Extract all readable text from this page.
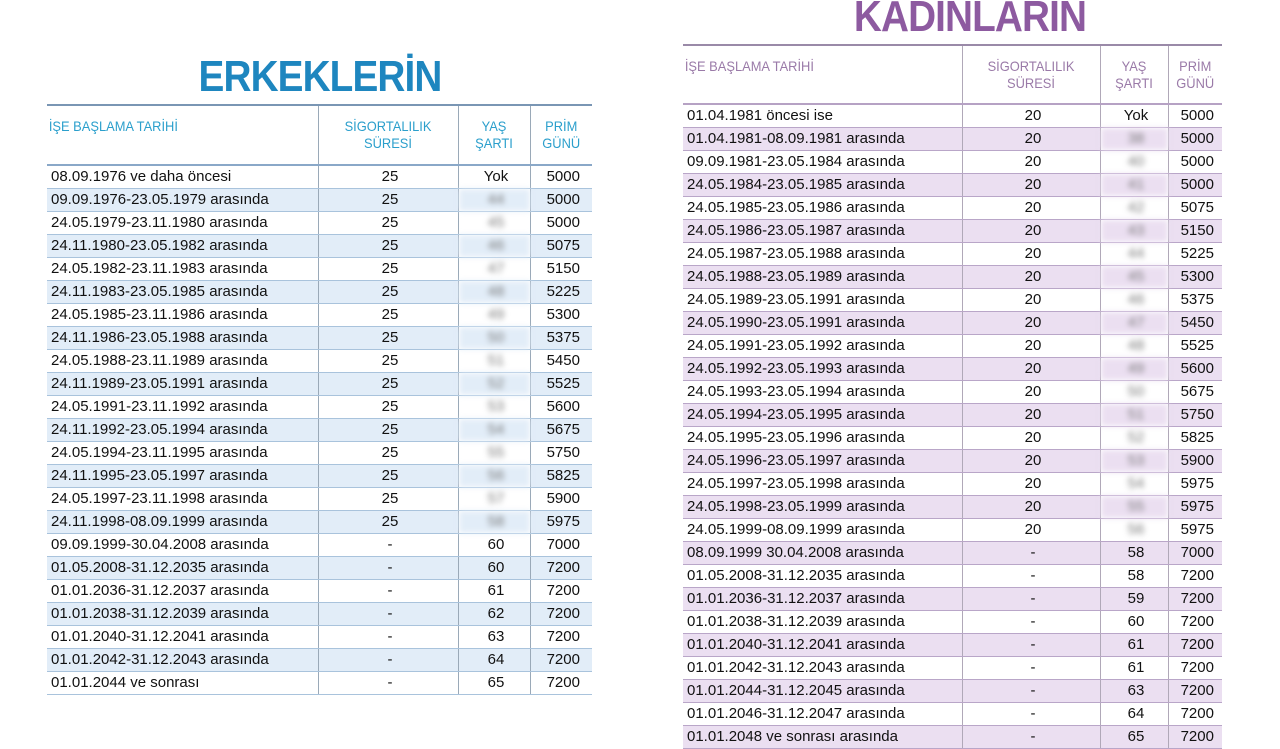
ERKEKLERİN
İŞE BAŞLAMA TARİHİ	SİGORTALILIK SÜRESİ	YAŞ ŞARTI	PRİM GÜNÜ
08.09.1976 ve daha öncesi	25	Yok	5000
09.09.1976-23.05.1979 arasında	25	44	5000
24.05.1979-23.11.1980 arasında	25	45	5000
24.11.1980-23.05.1982 arasında	25	46	5075
24.05.1982-23.11.1983 arasında	25	47	5150
24.11.1983-23.05.1985 arasında	25	48	5225
24.05.1985-23.11.1986 arasında	25	49	5300
24.11.1986-23.05.1988 arasında	25	50	5375
24.05.1988-23.11.1989 arasında	25	51	5450
24.11.1989-23.05.1991 arasında	25	52	5525
24.05.1991-23.11.1992 arasında	25	53	5600
24.11.1992-23.05.1994 arasında	25	54	5675
24.05.1994-23.11.1995 arasında	25	55	5750
24.11.1995-23.05.1997 arasında	25	56	5825
24.05.1997-23.11.1998 arasında	25	57	5900
24.11.1998-08.09.1999 arasında	25	58	5975
09.09.1999-30.04.2008 arasında	-	60	7000
01.05.2008-31.12.2035 arasında	-	60	7200
01.01.2036-31.12.2037 arasında	-	61	7200
01.01.2038-31.12.2039 arasında	-	62	7200
01.01.2040-31.12.2041 arasında	-	63	7200
01.01.2042-31.12.2043 arasında	-	64	7200
01.01.2044 ve sonrası	-	65	7200
KADINLARIN
İŞE BAŞLAMA TARİHİ	SİGORTALILIK SÜRESİ	YAŞ ŞARTI	PRİM GÜNÜ
01.04.1981 öncesi ise	20	Yok	5000
01.04.1981-08.09.1981 arasında	20	38	5000
09.09.1981-23.05.1984 arasında	20	40	5000
24.05.1984-23.05.1985 arasında	20	41	5000
24.05.1985-23.05.1986 arasında	20	42	5075
24.05.1986-23.05.1987 arasında	20	43	5150
24.05.1987-23.05.1988 arasında	20	44	5225
24.05.1988-23.05.1989 arasında	20	45	5300
24.05.1989-23.05.1991 arasında	20	46	5375
24.05.1990-23.05.1991 arasında	20	47	5450
24.05.1991-23.05.1992 arasında	20	48	5525
24.05.1992-23.05.1993 arasında	20	49	5600
24.05.1993-23.05.1994 arasında	20	50	5675
24.05.1994-23.05.1995 arasında	20	51	5750
24.05.1995-23.05.1996 arasında	20	52	5825
24.05.1996-23.05.1997 arasında	20	53	5900
24.05.1997-23.05.1998 arasında	20	54	5975
24.05.1998-23.05.1999 arasında	20	55	5975
24.05.1999-08.09.1999 arasında	20	56	5975
08.09.1999 30.04.2008 arasında	-	58	7000
01.05.2008-31.12.2035 arasında	-	58	7200
01.01.2036-31.12.2037 arasında	-	59	7200
01.01.2038-31.12.2039 arasında	-	60	7200
01.01.2040-31.12.2041 arasında	-	61	7200
01.01.2042-31.12.2043 arasında	-	61	7200
01.01.2044-31.12.2045 arasında	-	63	7200
01.01.2046-31.12.2047 arasında	-	64	7200
01.01.2048 ve sonrası arasında	-	65	7200
